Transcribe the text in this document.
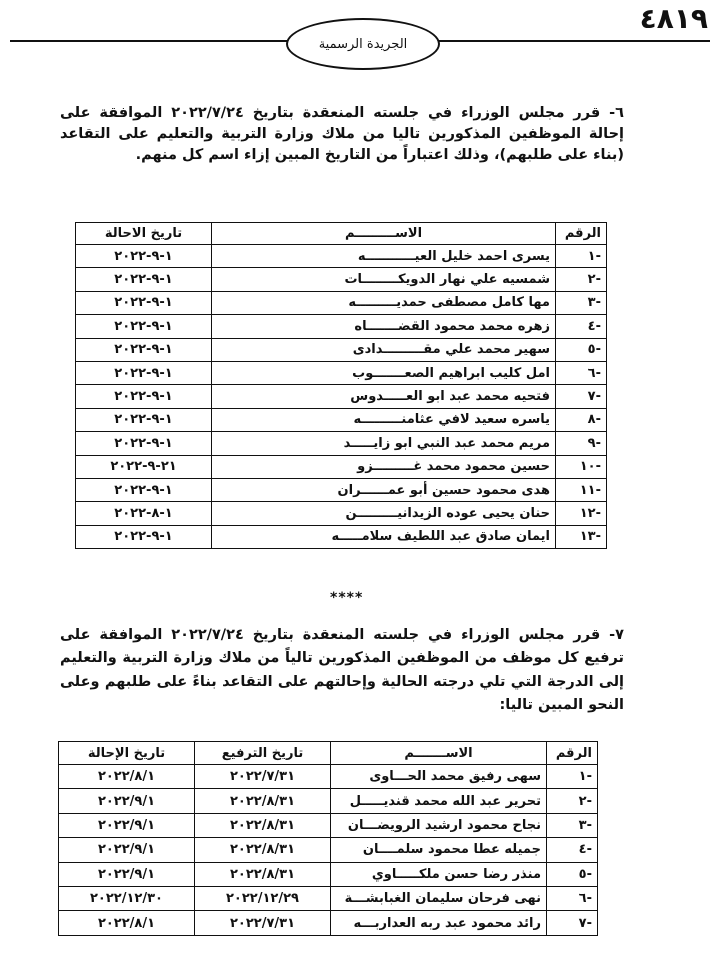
٤٨١٩
الجريدة الرسمية

٦- قرر مجلس الوزراء في جلسته المنعقدة بتاريخ ٢٠٢٢/٧/٢٤ الموافقة على إحالة الموظفين المذكورين تاليا من ملاك وزارة التربية والتعليم على التقاعد (بناء على طلبهم)، وذلك اعتباراً من التاريخ المبين إزاء اسم كل منهم.

الرقم	الاســـــــــم	تاريخ الاحالة
-١	يسرى احمد خليل العيـــــــــــه	١-٩-٢٠٢٢
-٢	شمسيه علي نهار الدويكــــــــات	١-٩-٢٠٢٢
-٣	مها كامل مصطفى حمديـــــــــه	١-٩-٢٠٢٢
-٤	زهره محمد محمود القضـــــــاه	١-٩-٢٠٢٢
-٥	سهير محمد علي مقـــــــــدادى	١-٩-٢٠٢٢
-٦	امل كليب ابراهيم الصعـــــــوب	١-٩-٢٠٢٢
-٧	فتحيه محمد عبد ابو العـــــدوس	١-٩-٢٠٢٢
-٨	ياسره سعيد لافي عثامنـــــــــه	١-٩-٢٠٢٢
-٩	مريم محمد عبد النبي ابو زايـــــد	١-٩-٢٠٢٢
-١٠	حسين محمود محمد غـــــــــزو	٢١-٩-٢٠٢٢
-١١	هدى محمود حسين أبو عمــــــران	١-٩-٢٠٢٢
-١٢	حنان يحيى عوده الزيدانيـــــــــن	١-٨-٢٠٢٢
-١٣	ايمان صادق عبد اللطيف سلامـــــه	١-٩-٢٠٢٢
****

٧- قرر مجلس الوزراء في جلسته المنعقدة بتاريخ ٢٠٢٢/٧/٢٤ الموافقة على ترفيع كل موظف من الموظفين المذكورين تالياً من ملاك وزارة التربية والتعليم إلى الدرجة التي تلي درجته الحالية وإحالتهم على التقاعد بناءً على طلبهم وعلى النحو المبين تاليا:

الرقم	الاســـــــم	تاريخ الترفيع	تاريخ الإحالة
-١	سهى رفيق محمد الحـــاوى	٢٠٢٢/٧/٣١	٢٠٢٢/٨/١
-٢	تحرير عبد الله محمد قنديـــــل	٢٠٢٢/٨/٣١	٢٠٢٢/٩/١
-٣	نجاح محمود ارشيد الرويضـــان	٢٠٢٢/٨/٣١	٢٠٢٢/٩/١
-٤	جميله عطا محمود سلمــــان	٢٠٢٢/٨/٣١	٢٠٢٢/٩/١
-٥	منذر رضا حسن ملكـــــاوي	٢٠٢٢/٨/٣١	٢٠٢٢/٩/١
-٦	نهى فرحان سليمان الغبابشـــة	٢٠٢٢/١٢/٢٩	٢٠٢٢/١٢/٣٠
-٧	رائد محمود عبد ربه العداربـــه	٢٠٢٢/٧/٣١	٢٠٢٢/٨/١
